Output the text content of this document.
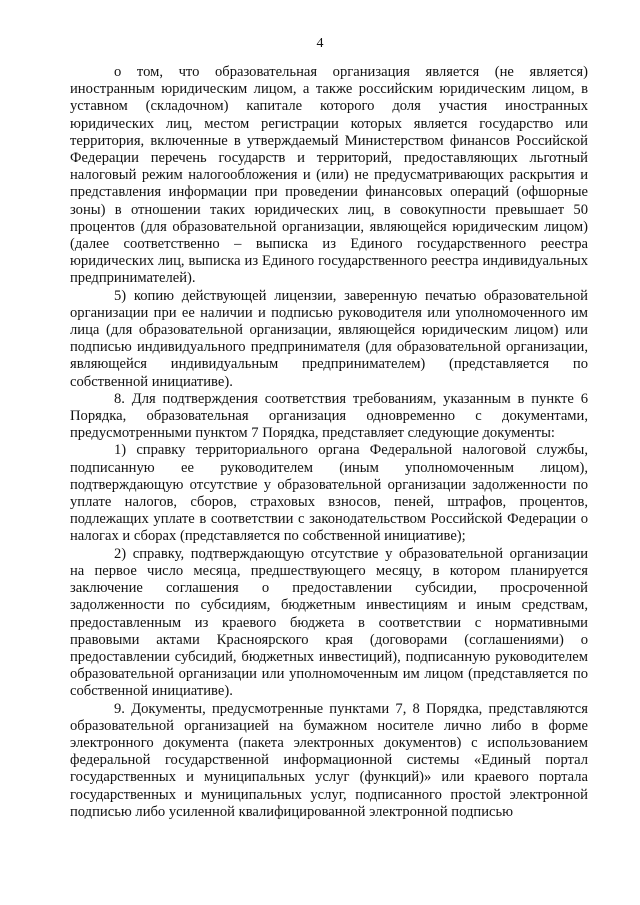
4

о том, что образовательная организация является (не является) иностранным юридическим лицом, а также российским юридическим лицом, в уставном (складочном) капитале которого доля участия иностранных юридических лиц, местом регистрации которых является государство или территория, включенные в утверждаемый Министерством финансов Российской Федерации перечень государств и территорий, предоставляющих льготный налоговый режим налогообложения и (или) не предусматривающих раскрытия и представления информации при проведении финансовых операций (офшорные зоны) в отношении таких юридических лиц, в совокупности превышает 50 процентов (для образовательной организации, являющейся юридическим лицом) (далее соответственно – выписка из Единого государственного реестра юридических лиц, выписка из Единого государственного реестра индивидуальных предпринимателей).

5) копию действующей лицензии, заверенную печатью образовательной организации при ее наличии и подписью руководителя или уполномоченного им лица (для образовательной организации, являющейся юридическим лицом) или подписью индивидуального предпринимателя (для образовательной организации, являющейся индивидуальным предпринимателем) (представляется по собственной инициативе).

8. Для подтверждения соответствия требованиям, указанным в пункте 6 Порядка, образовательная организация одновременно с документами, предусмотренными пунктом 7 Порядка, представляет следующие документы:

1) справку территориального органа Федеральной налоговой службы, подписанную ее руководителем (иным уполномоченным лицом), подтверждающую отсутствие у образовательной организации задолженности по уплате налогов, сборов, страховых взносов, пеней, штрафов, процентов, подлежащих уплате в соответствии с законодательством Российской Федерации о налогах и сборах (представляется по собственной инициативе);

2) справку, подтверждающую отсутствие у образовательной организации на первое число месяца, предшествующего месяцу, в котором планируется заключение соглашения о предоставлении субсидии, просроченной задолженности по субсидиям, бюджетным инвестициям и иным средствам, предоставленным из краевого бюджета в соответствии с нормативными правовыми актами Красноярского края (договорами (соглашениями) о предоставлении субсидий, бюджетных инвестиций), подписанную руководителем образовательной организации или уполномоченным им лицом (представляется по собственной инициативе).

9. Документы, предусмотренные пунктами 7, 8 Порядка, представляются образовательной организацией на бумажном носителе лично либо в форме электронного документа (пакета электронных документов) с использованием федеральной государственной информационной системы «Единый портал государственных и муниципальных услуг (функций)» или краевого портала государственных и муниципальных услуг, подписанного простой электронной подписью либо усиленной квалифицированной электронной подписью
